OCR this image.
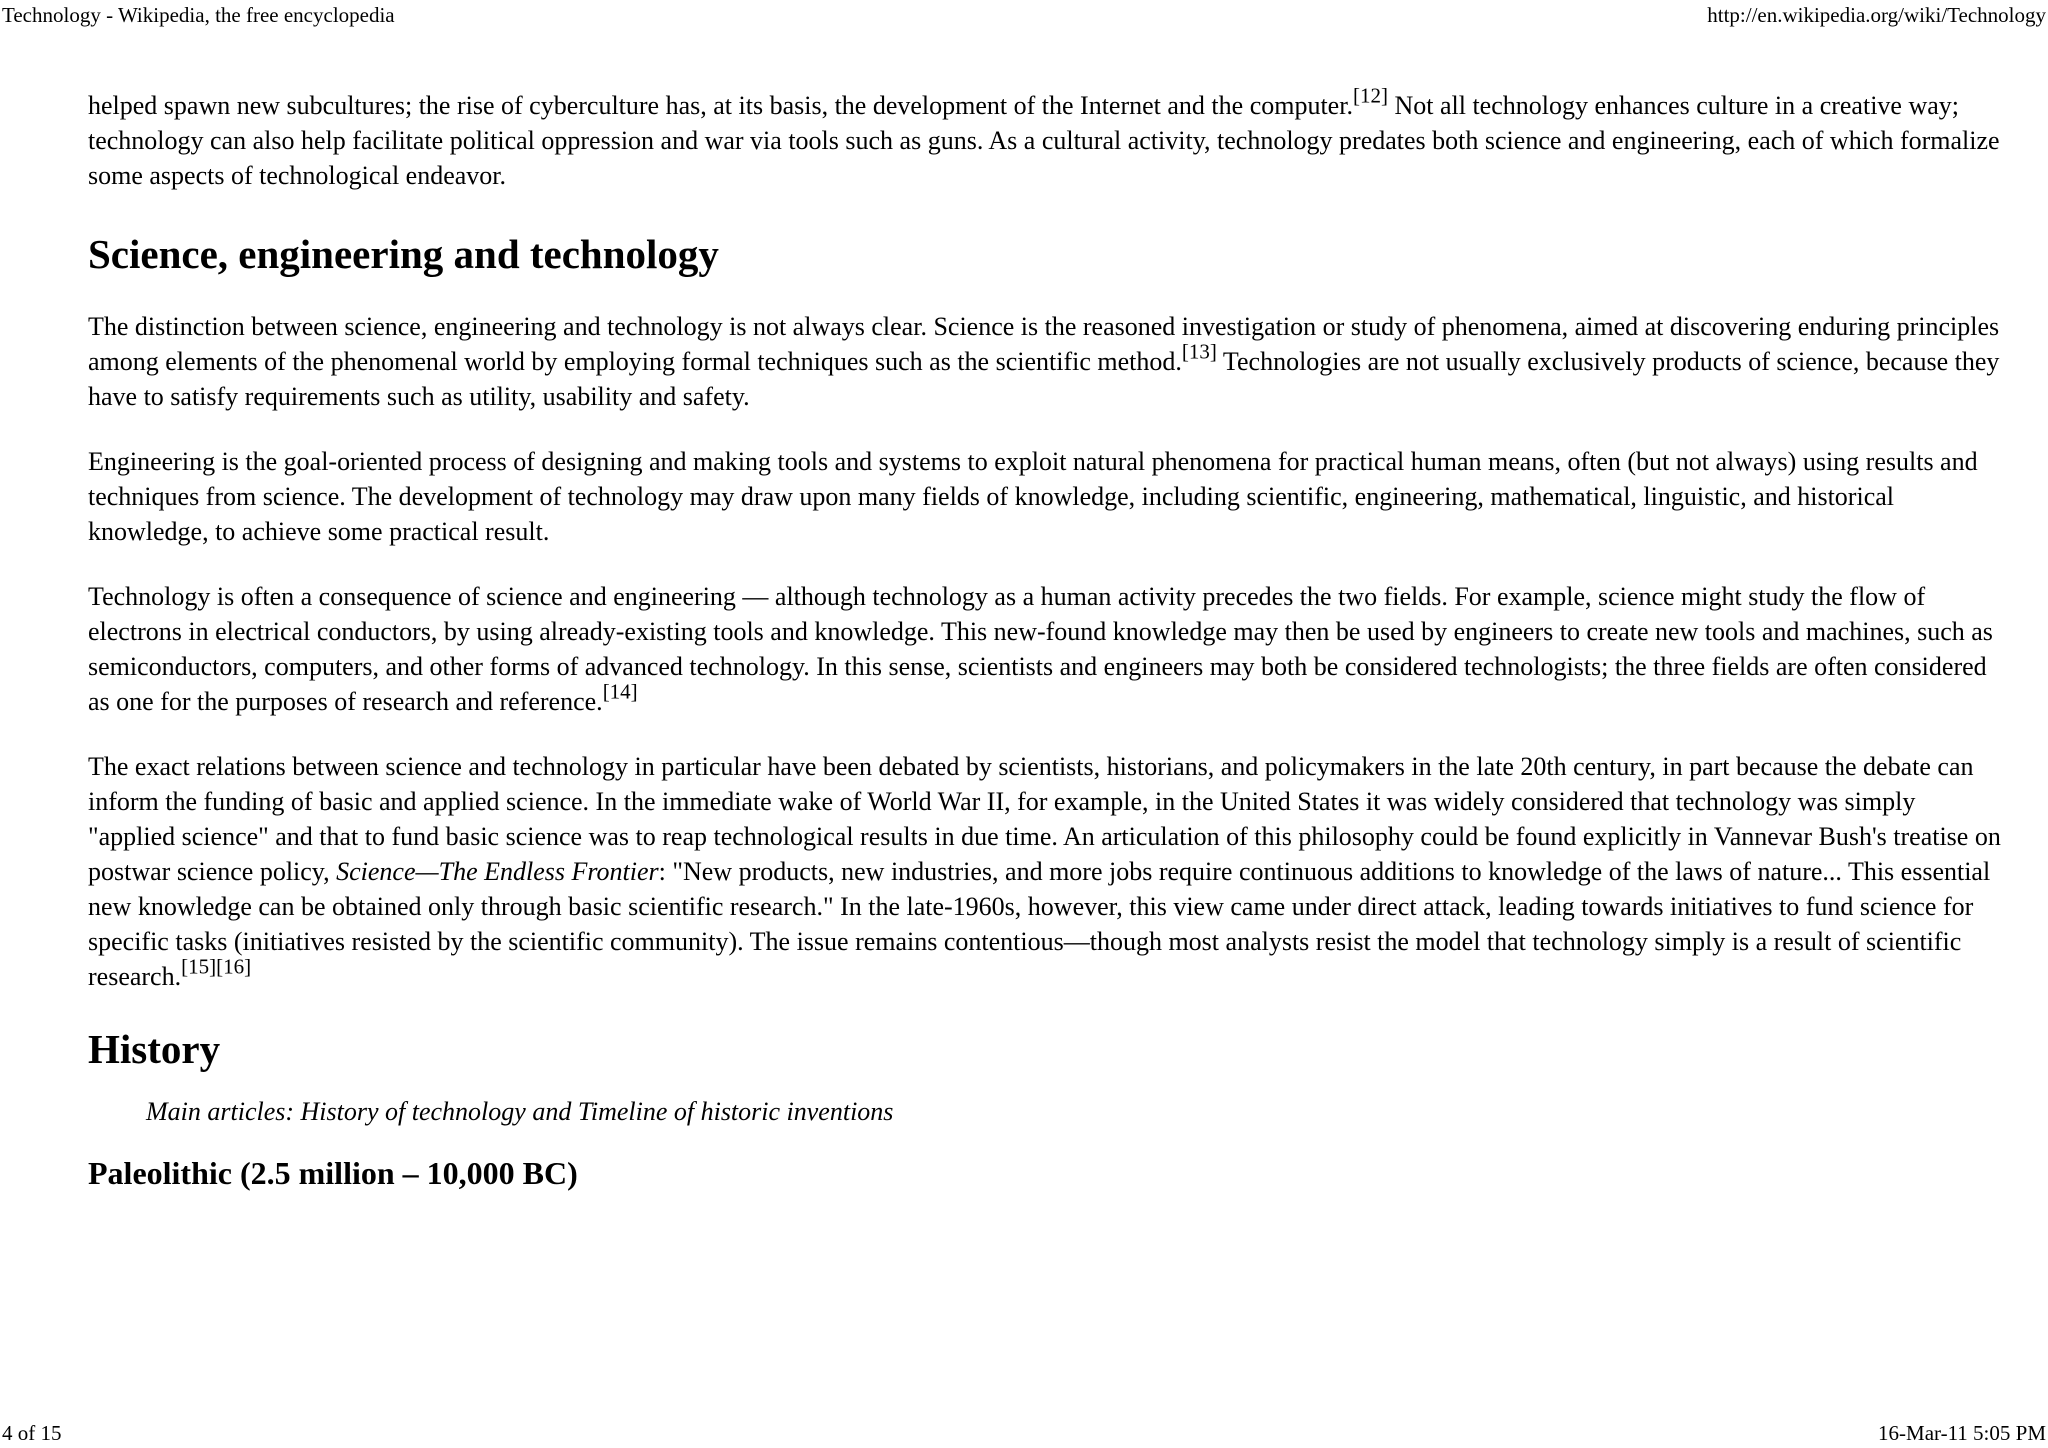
Technology - Wikipedia, the free encyclopedia	http://en.wikipedia.org/wiki/Technology

helped spawn new subcultures; the rise of cyberculture has, at its basis, the development of the Internet and the computer.[12] Not all technology enhances culture in a creative way; technology can also help facilitate political oppression and war via tools such as guns. As a cultural activity, technology predates both science and engineering, each of which formalize some aspects of technological endeavor.

Science, engineering and technology

The distinction between science, engineering and technology is not always clear. Science is the reasoned investigation or study of phenomena, aimed at discovering enduring principles among elements of the phenomenal world by employing formal techniques such as the scientific method.[13] Technologies are not usually exclusively products of science, because they have to satisfy requirements such as utility, usability and safety.

Engineering is the goal-oriented process of designing and making tools and systems to exploit natural phenomena for practical human means, often (but not always) using results and techniques from science. The development of technology may draw upon many fields of knowledge, including scientific, engineering, mathematical, linguistic, and historical knowledge, to achieve some practical result.

Technology is often a consequence of science and engineering — although technology as a human activity precedes the two fields. For example, science might study the flow of electrons in electrical conductors, by using already-existing tools and knowledge. This new-found knowledge may then be used by engineers to create new tools and machines, such as semiconductors, computers, and other forms of advanced technology. In this sense, scientists and engineers may both be considered technologists; the three fields are often considered as one for the purposes of research and reference.[14]

The exact relations between science and technology in particular have been debated by scientists, historians, and policymakers in the late 20th century, in part because the debate can inform the funding of basic and applied science. In the immediate wake of World War II, for example, in the United States it was widely considered that technology was simply "applied science" and that to fund basic science was to reap technological results in due time. An articulation of this philosophy could be found explicitly in Vannevar Bush's treatise on postwar science policy, Science—The Endless Frontier: "New products, new industries, and more jobs require continuous additions to knowledge of the laws of nature... This essential new knowledge can be obtained only through basic scientific research." In the late-1960s, however, this view came under direct attack, leading towards initiatives to fund science for specific tasks (initiatives resisted by the scientific community). The issue remains contentious—though most analysts resist the model that technology simply is a result of scientific research.[15][16]

History
Main articles: History of technology and Timeline of historic inventions
Paleolithic (2.5 million – 10,000 BC)
4 of 15	16-Mar-11 5:05 PM
